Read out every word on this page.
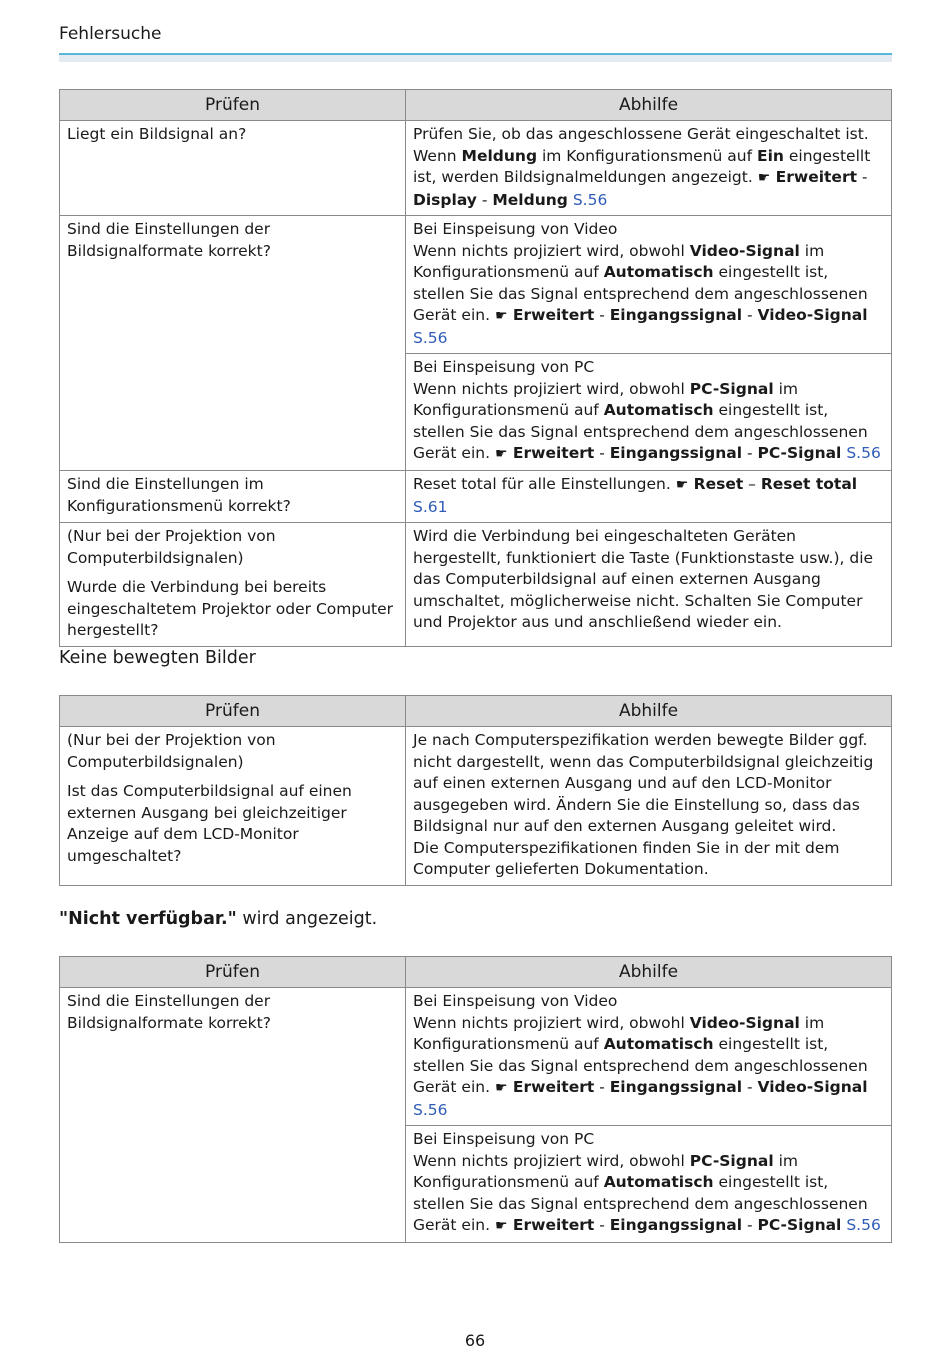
Fehlersuche
Prüfen	Abhilfe
Liegt ein Bildsignal an?	Prüfen Sie, ob das angeschlossene Gerät eingeschaltet ist. Wenn Meldung im Konfigurationsmenü auf Ein eingestellt ist, werden Bildsignalmeldungen angezeigt. ☛ Erweitert - Display - Meldung S.56
Sind die Einstellungen der Bildsignalformate korrekt?	Bei Einspeisung von Video
Wenn nichts projiziert wird, obwohl Video-Signal im Konfigurationsmenü auf Automatisch eingestellt ist, stellen Sie das Signal entsprechend dem angeschlossenen Gerät ein. ☛ Erweitert - Eingangssignal - Video-Signal S.56

	Bei Einspeisung von PC
Wenn nichts projiziert wird, obwohl PC-Signal im Konfigurationsmenü auf Automatisch eingestellt ist, stellen Sie das Signal entsprechend dem angeschlossenen Gerät ein. ☛ Erweitert - Eingangssignal - PC-Signal S.56
Sind die Einstellungen im Konfigurationsmenü korrekt?	Reset total für alle Einstellungen. ☛ Reset – Reset total S.61

(Nur bei der Projektion von Computerbildsignalen)
Wurde die Verbindung bei bereits eingeschaltetem Projektor oder Computer hergestellt?	Wird die Verbindung bei eingeschalteten Geräten hergestellt, funktioniert die Taste (Funktionstaste usw.), die das Computerbildsignal auf einen externen Ausgang umschaltet, möglicherweise nicht. Schalten Sie Computer und Projektor aus und anschließend wieder ein.
Keine bewegten Bilder
Prüfen	Abhilfe

(Nur bei der Projektion von Computerbildsignalen)
Ist das Computerbildsignal auf einen externen Ausgang bei gleichzeitiger Anzeige auf dem LCD-Monitor umgeschaltet?	Je nach Computerspezifikation werden bewegte Bilder ggf. nicht dargestellt, wenn das Computerbildsignal gleichzeitig auf einen externen Ausgang und auf den LCD-Monitor ausgegeben wird. Ändern Sie die Einstellung so, dass das Bildsignal nur auf den externen Ausgang geleitet wird.
Die Computerspezifikationen finden Sie in der mit dem Computer gelieferten Dokumentation.
"Nicht verfügbar." wird angezeigt.
Prüfen	Abhilfe
Sind die Einstellungen der Bildsignalformate korrekt?	Bei Einspeisung von Video
Wenn nichts projiziert wird, obwohl Video-Signal im Konfigurationsmenü auf Automatisch eingestellt ist, stellen Sie das Signal entsprechend dem angeschlossenen Gerät ein. ☛ Erweitert - Eingangssignal - Video-Signal S.56

	Bei Einspeisung von PC
Wenn nichts projiziert wird, obwohl PC-Signal im Konfigurationsmenü auf Automatisch eingestellt ist, stellen Sie das Signal entsprechend dem angeschlossenen Gerät ein. ☛ Erweitert - Eingangssignal - PC-Signal S.56
66
